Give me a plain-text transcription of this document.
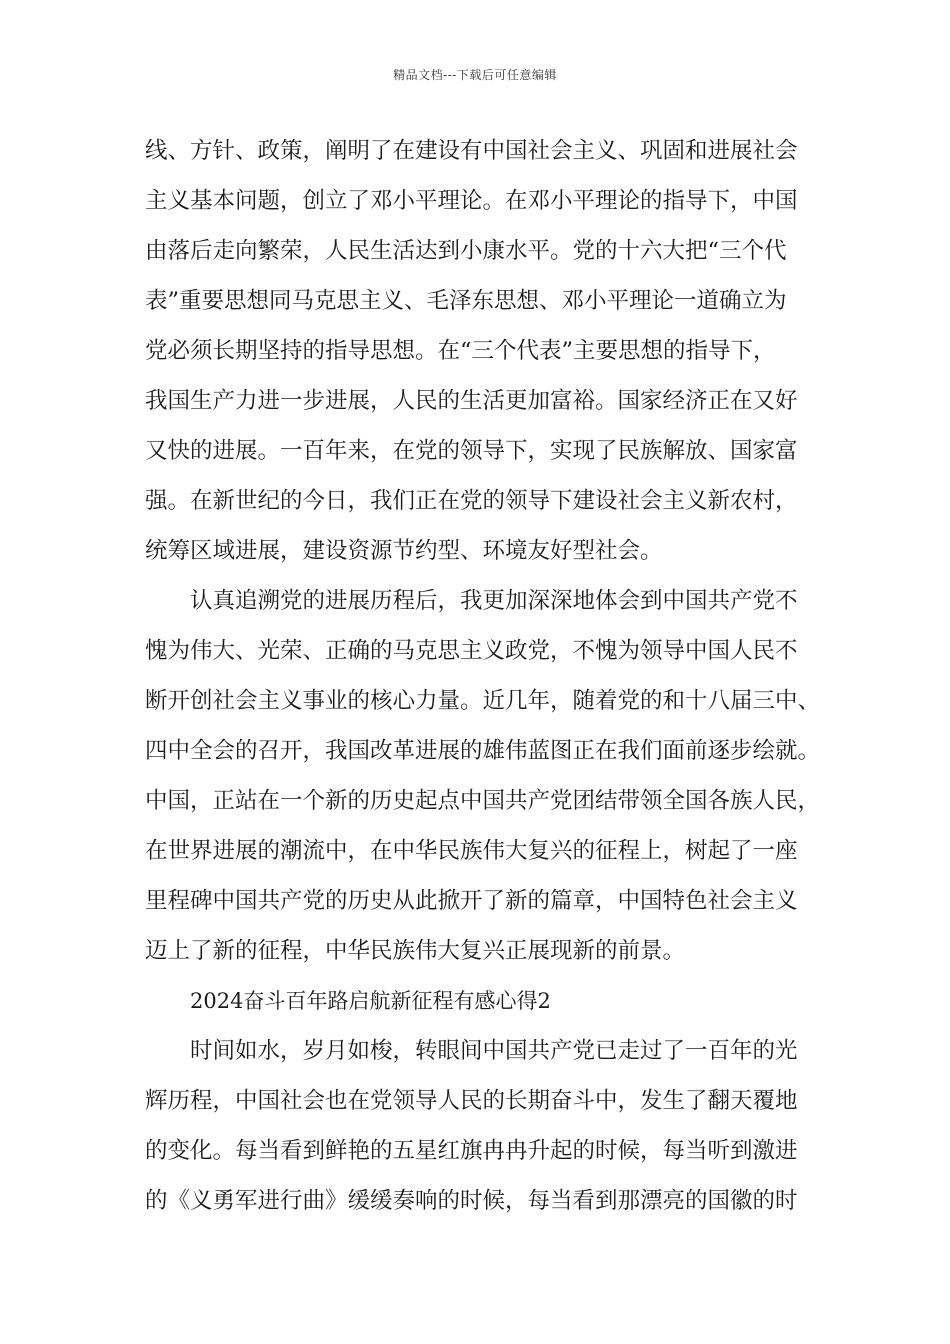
精品文档---下载后可任意编辑
线、方针、政策，阐明了在建设有中国社会主义、巩固和进展社会
主义基本问题，创立了邓小平理论。在邓小平理论的指导下，中国
由落后走向繁荣，人民生活达到小康水平。党的十六大把“三个代
表”重要思想同马克思主义、毛泽东思想、邓小平理论一道确立为
党必须长期坚持的指导思想。在“三个代表”主要思想的指导下，
我国生产力进一步进展，人民的生活更加富裕。国家经济正在又好
又快的进展。一百年来，在党的领导下，实现了民族解放、国家富
强。在新世纪的今日，我们正在党的领导下建设社会主义新农村，
统筹区域进展，建设资源节约型、环境友好型社会。
认真追溯党的进展历程后，我更加深深地体会到中国共产党不
愧为伟大、光荣、正确的马克思主义政党，不愧为领导中国人民不
断开创社会主义事业的核心力量。近几年，随着党的和十八届三中、
四中全会的召开，我国改革进展的雄伟蓝图正在我们面前逐步绘就。
中国，正站在一个新的历史起点中国共产党团结带领全国各族人民，
在世界进展的潮流中，在中华民族伟大复兴的征程上，树起了一座
里程碑中国共产党的历史从此掀开了新的篇章，中国特色社会主义
迈上了新的征程，中华民族伟大复兴正展现新的前景。
2024奋斗百年路启航新征程有感心得2
时间如水，岁月如梭，转眼间中国共产党已走过了一百年的光
辉历程，中国社会也在党领导人民的长期奋斗中，发生了翻天覆地
的变化。每当看到鲜艳的五星红旗冉冉升起的时候，每当听到激进
的《义勇军进行曲》缓缓奏响的时候，每当看到那漂亮的国徽的时
